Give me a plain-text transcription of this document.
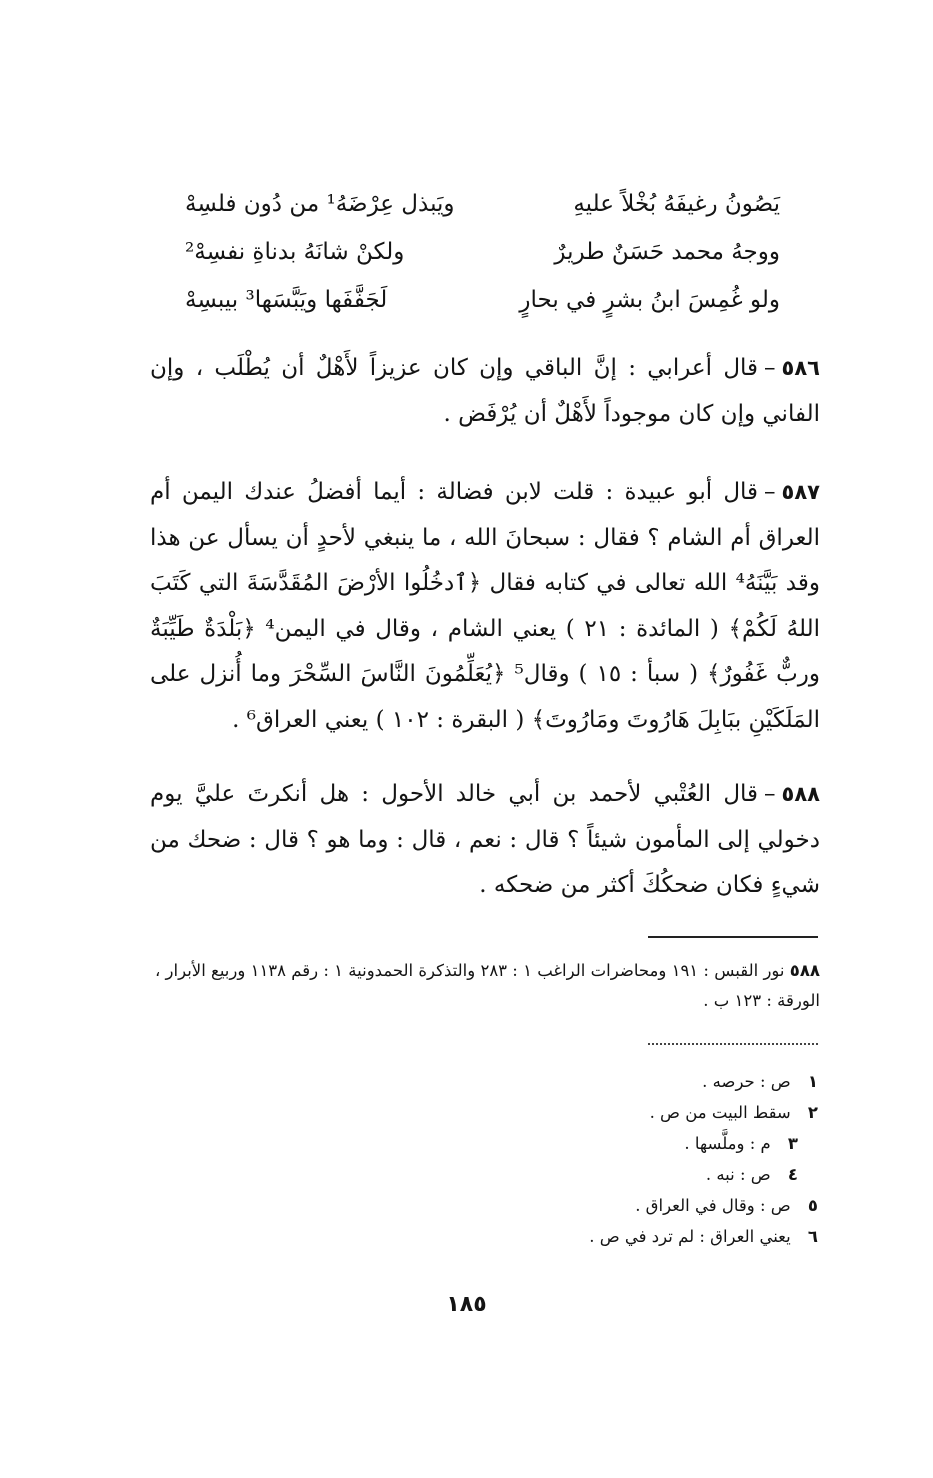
يَصُونُ رغيفَهُ بُخْلاً عليهِ
ويَبذل عِرْضَهُ¹ من دُون فلسِهْ
ووجهُ محمد حَسَنٌ طريرٌ
ولكنْ شانَهُ بدناةِ نفسِهْ²
ولو غُمِسَ ابنُ بشرٍ في بحارٍ
لَجَفَّفَها ويَبَّسَها³ بيبسِهْ

٥٨٦–قال أعرابي : إنَّ الباقي وإن كان عزيزاً لأَهْلٌ أن يُطْلَب ، وإن الفاني وإن كان موجوداً لأَهْلٌ أن يُرْفَض .

٥٨٧–قال أبو عبيدة : قلت لابن فضالة : أيما أفضلُ عندك اليمن أم العراق أم الشام ؟ فقال : سبحانَ الله ، ما ينبغي لأحدٍ أن يسأل عن هذا وقد بَيَّنَهُ⁴ الله تعالى في كتابه فقال ﴿ٱدخُلُوا الأرْضَ المُقَدَّسَةَ التي كَتَبَ اللهُ لَكُمْ﴾ ( المائدة : ٢١ ) يعني الشام ، وقال في اليمن⁴ ﴿بَلْدَةٌ طَيِّبَةٌ وربٌّ غَفُورٌ﴾ ( سبأ : ١٥ ) وقال⁵ ﴿يُعَلِّمُونَ النَّاسَ السِّحْرَ وما أُنزل على المَلَكَيْنِ ببَابِلَ هَارُوتَ ومَارُوتَ﴾ ( البقرة : ١٠٢ ) يعني العراق⁶ .

٥٨٨–قال العُتْبي لأحمد بن أبي خالد الأحول : هل أنكرتَ عليَّ يوم دخولي إلى المأمون شيئاً ؟ قال : نعم ، قال : وما هو ؟ قال : ضحك من شيءٍ فكان ضحكُكَ أكثر من ضحكه .

٥٨٨ نور القبس : ١٩١ ومحاضرات الراغب ١ : ٢٨٣ والتذكرة الحمدونية ١ : رقم ١١٣٨ وربيع الأبرار ، الورقة : ١٢٣ ب .
١ ص : حرصه .
٢ سقط البيت من ص .
٣ م : وملَّسها .
٤ ص : نبه .
٥ ص : وقال في العراق .
٦ يعني العراق : لم ترد في ص .
١٨٥
